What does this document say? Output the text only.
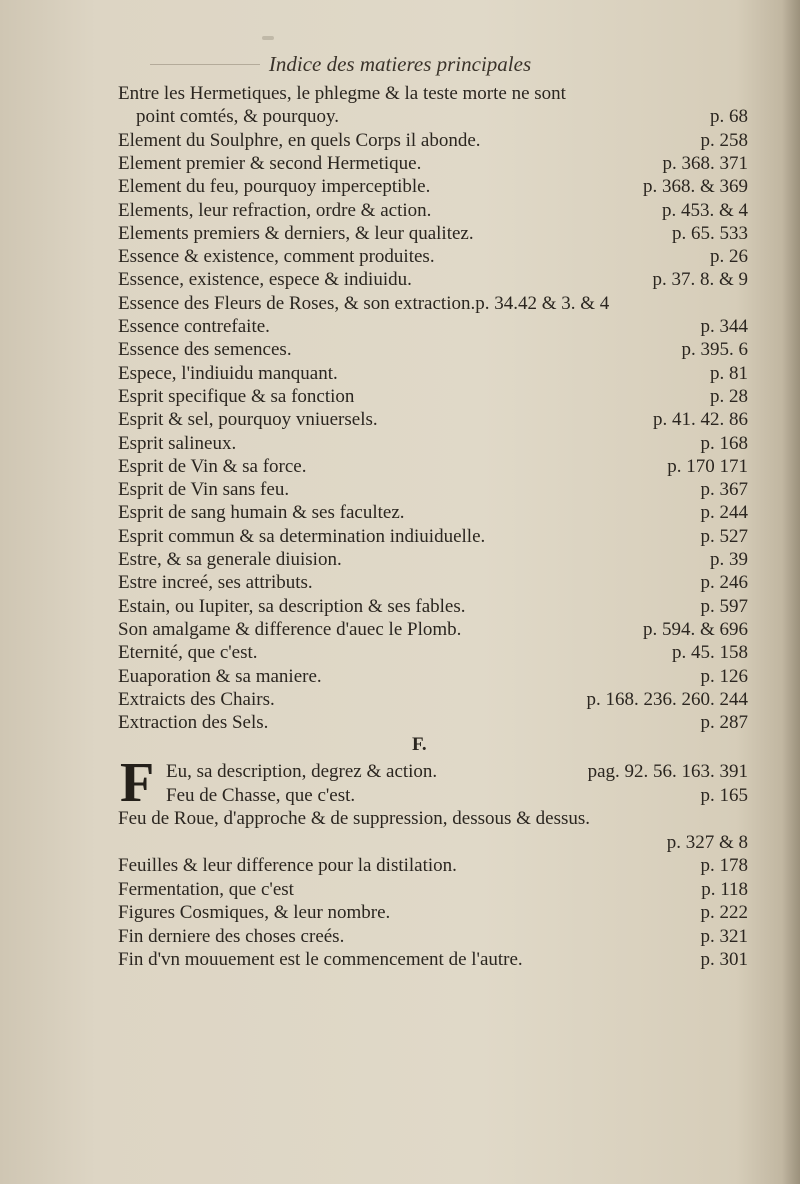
Indice des matieres principales
Entre les Hermetiques, le phlegme & la teste morte ne sont
point comtés, & pourquoy.	p. 68
Element du Soulphre, en quels Corps il abonde.	p. 258
Element premier & second Hermetique.	p. 368. 371
Element du feu, pourquoy imperceptible.	p. 368. & 369
Elements, leur refraction, ordre & action.	p. 453. & 4
Elements premiers & derniers, & leur qualitez.	p. 65. 533
Essence & existence, comment produites.	p. 26
Essence, existence, espece & indiuidu.	p. 37. 8. & 9
Essence des Fleurs de Roses, & son extraction.p. 34.42 & 3. & 4
Essence contrefaite.	p. 344
Essence des semences.	p. 395. 6
Espece, l'indiuidu manquant.	p. 81
Esprit specifique & sa fonction	p. 28
Esprit & sel, pourquoy vniuersels.	p. 41. 42. 86
Esprit salineux.	p. 168
Esprit de Vin & sa force.	p. 170 171
Esprit de Vin sans feu.	p. 367
Esprit de sang humain & ses facultez.	p. 244
Esprit commun & sa determination indiuiduelle.	p. 527
Estre, & sa generale diuision.	p. 39
Estre increé, ses attributs.	p. 246
Estain, ou Iupiter, sa description & ses fables.	p. 597
Son amalgame & difference d'auec le Plomb.	p. 594. & 696
Eternité, que c'est.	p. 45. 158
Euaporation & sa maniere.	p. 126
Extraicts des Chairs.	p. 168. 236. 260. 244
Extraction des Sels.	p. 287
F.
F Eu, sa description, degrez & action.	pag. 92. 56. 163. 391
Feu de Chasse, que c'est.	p. 165
Feu de Roue, d'approche & de suppression, dessous & dessus.
p. 327 & 8
Feuilles & leur difference pour la distilation.	p. 178
Fermentation, que c'est	p. 118
Figures Cosmiques, & leur nombre.	p. 222
Fin derniere des choses creés.	p. 321
Fin d'vn mouuement est le commencement de l'autre.	p. 301
